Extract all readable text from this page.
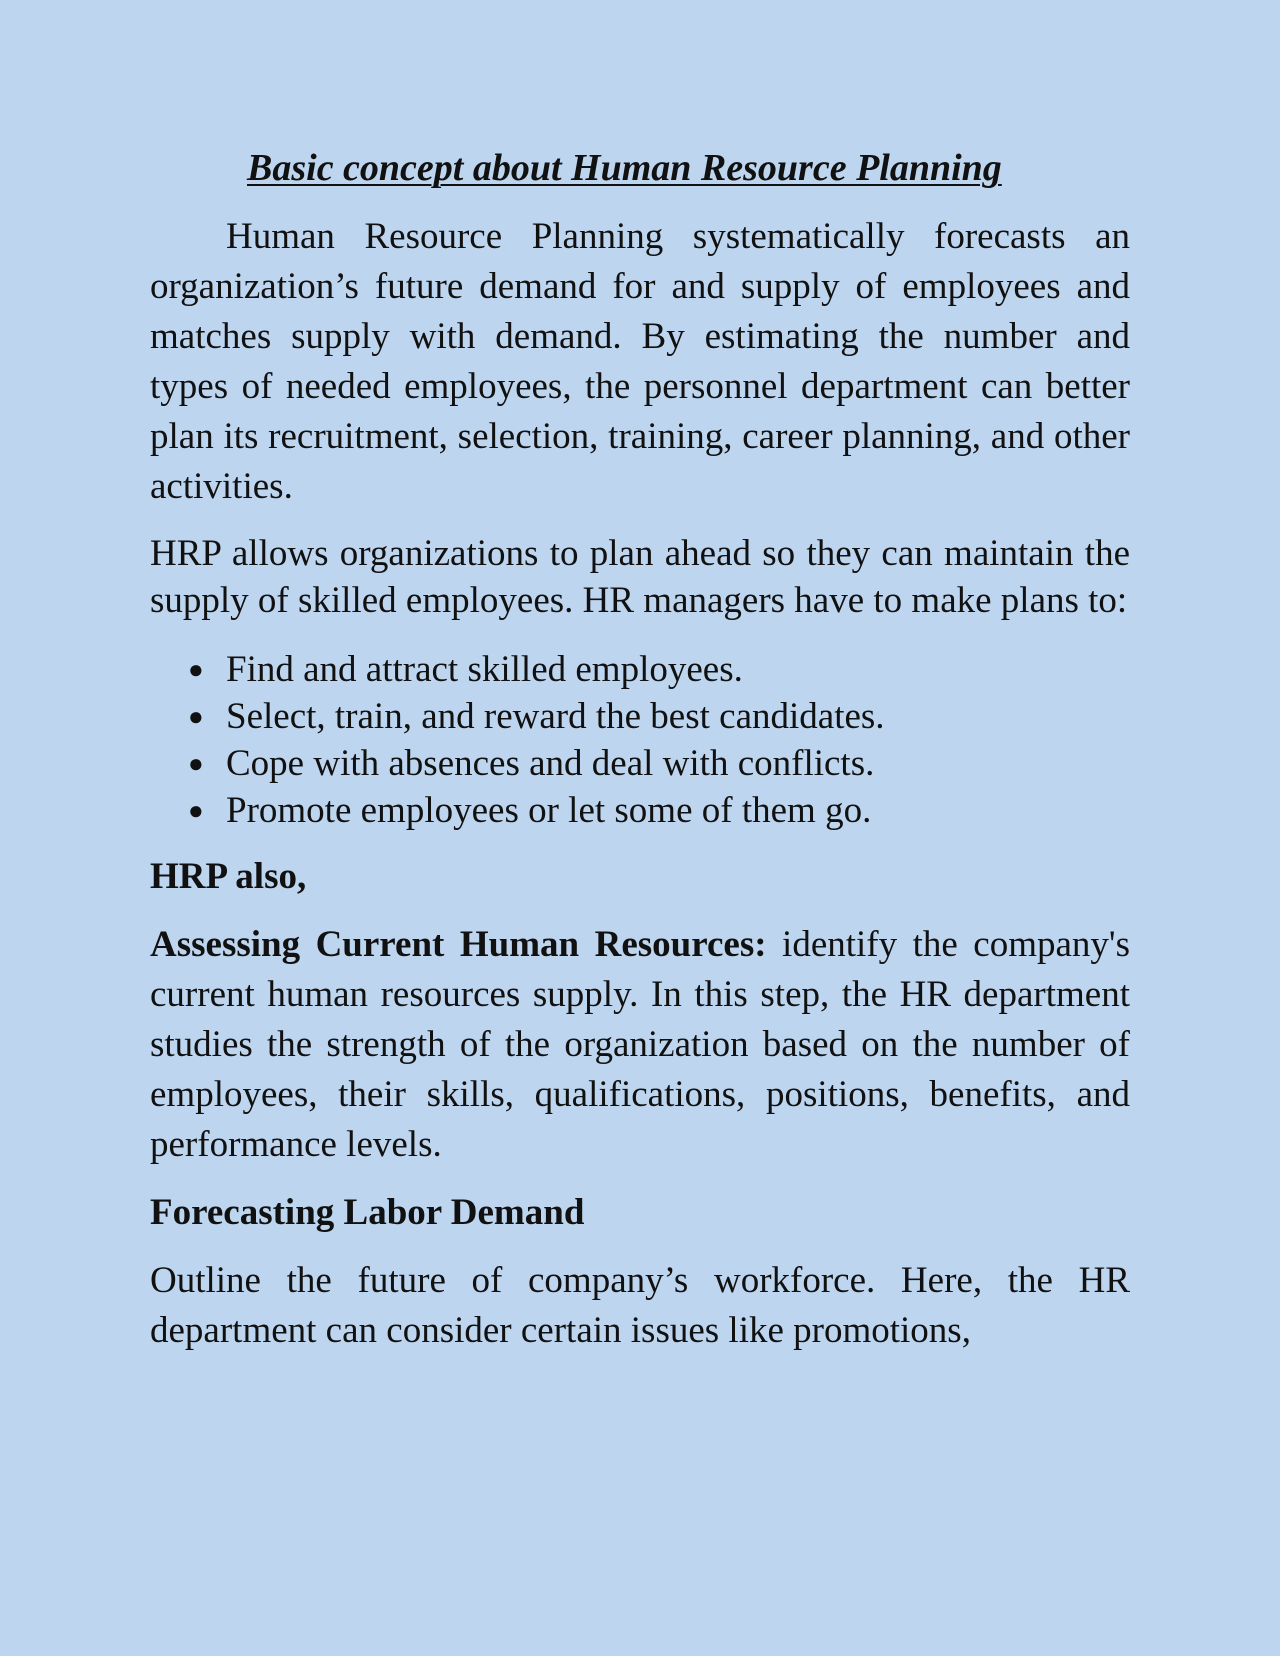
Basic concept about Human Resource Planning

Human Resource Planning systematically forecasts an organization’s future demand for and supply of employees and matches supply with demand. By estimating the number and types of needed employees, the personnel department can better plan its recruitment, selection, training, career planning, and other activities.

HRP allows organizations to plan ahead so they can maintain the supply of skilled employees. HR managers have to make plans to:

● Find and attract skilled employees.
● Select, train, and reward the best candidates.
● Cope with absences and deal with conflicts.
● Promote employees or let some of them go.
HRP also,

Assessing Current Human Resources: identify the company's current human resources supply. In this step, the HR department studies the strength of the organization based on the number of employees, their skills, qualifications, positions, benefits, and performance levels.

Forecasting Labor Demand

Outline the future of company’s workforce. Here, the HR department can consider certain issues like promotions,
